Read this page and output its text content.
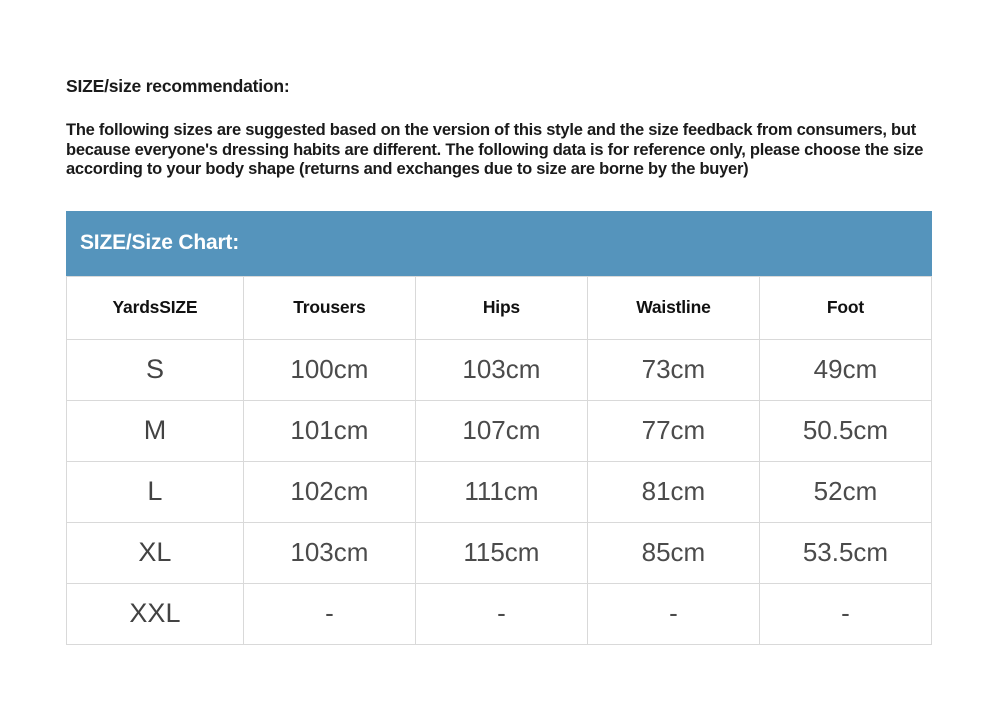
SIZE/size recommendation:

The following sizes are suggested based on the version of this style and the size feedback from consumers, but because everyone's dressing habits are different. The following data is for reference only, please choose the size according to your body shape (returns and exchanges due to size are borne by the buyer)

SIZE/Size Chart:
YardsSIZE	Trousers	Hips	Waistline	Foot
S	100cm	103cm	73cm	49cm
M	101cm	107cm	77cm	50.5cm
L	102cm	111cm	81cm	52cm
XL	103cm	115cm	85cm	53.5cm
XXL	-	-	-	-
